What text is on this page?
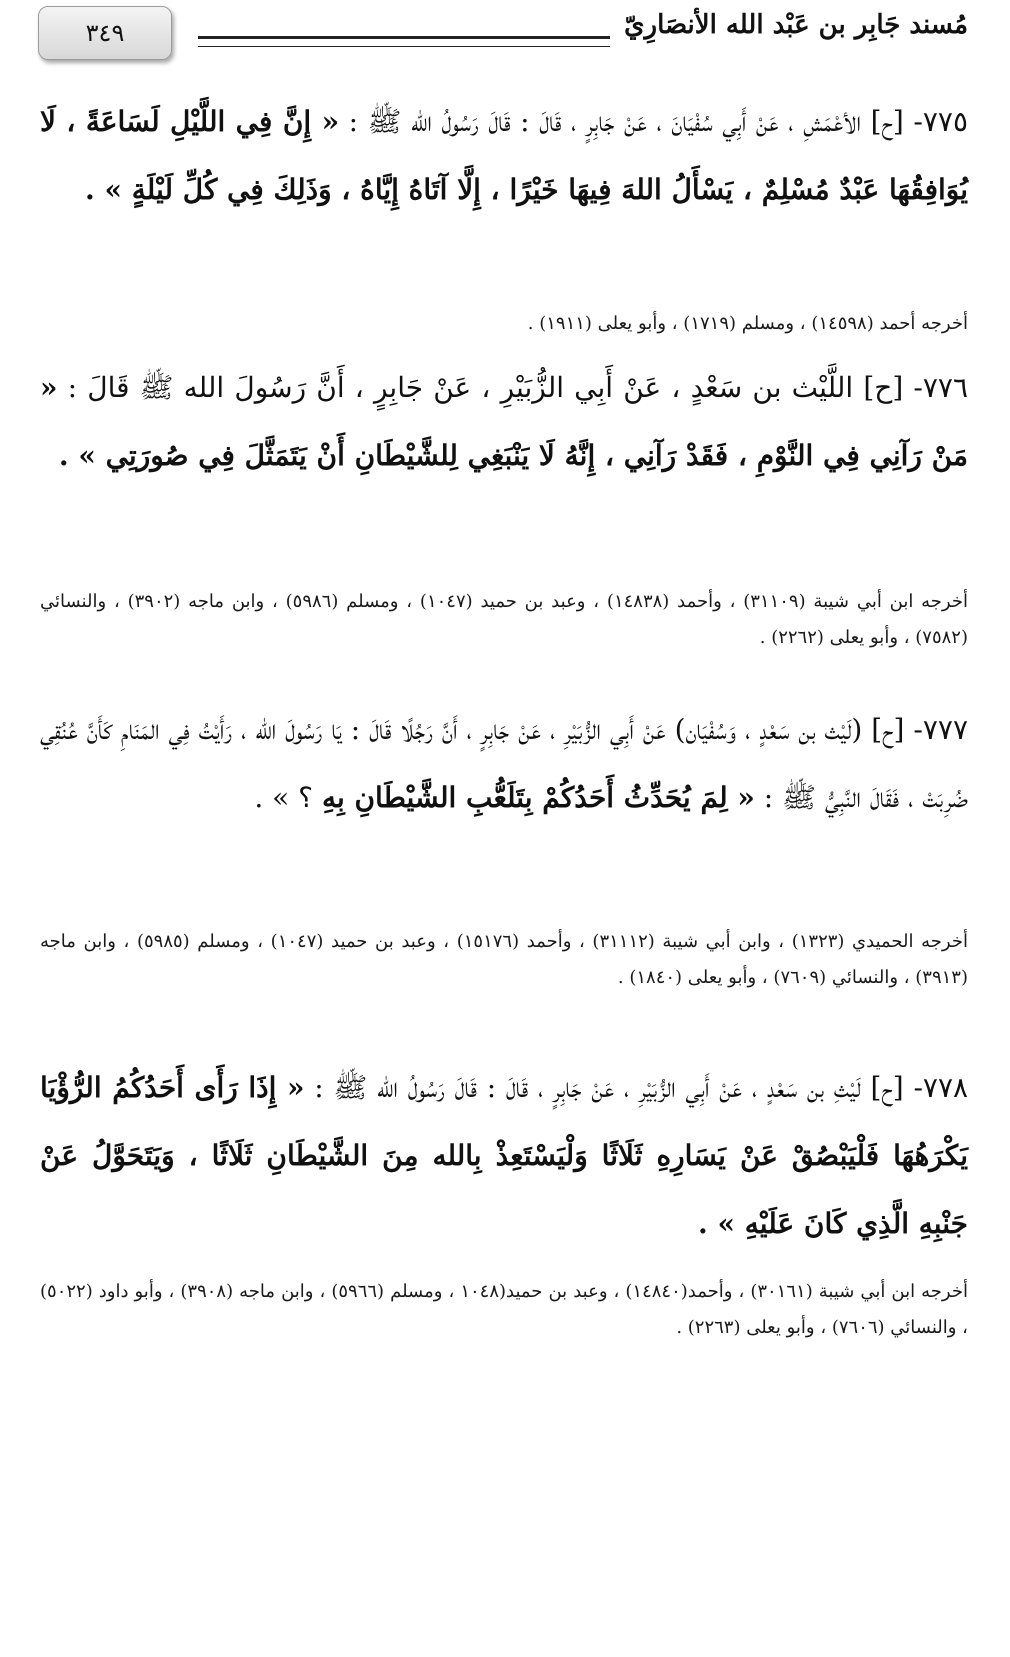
مُسند جَابِر بن عَبْد الله الأنصَارِيّ
٣٤٩

٧٧٥- [ح] الأعْمَشِ ، عَنْ أَبِي سُفْيَانَ ، عَنْ جَابِرٍ ، قَالَ : قَالَ رَسُولُ الله ﷺ : « إِنَّ فِي اللَّيْلِ لَسَاعَةً ، لَا يُوَافِقُهَا عَبْدٌ مُسْلِمٌ ، يَسْأَلُ اللهَ فِيهَا خَيْرًا ، إِلَّا آتَاهُ إِيَّاهُ ، وَذَلِكَ فِي كُلِّ لَيْلَةٍ » .

أخرجه أحمد (١٤٥٩٨) ، ومسلم (١٧١٩) ، وأبو يعلى (١٩١١) .

٧٧٦- [ح] اللَّيْث بن سَعْدٍ ، عَنْ أَبِي الزُّبَيْرِ ، عَنْ جَابِرٍ ، أَنَّ رَسُولَ الله ﷺ قَالَ : « مَنْ رَآنِي فِي النَّوْمِ ، فَقَدْ رَآنِي ، إِنَّهُ لَا يَنْبَغِي لِلشَّيْطَانِ أَنْ يَتَمَثَّلَ فِي صُورَتِي » .

أخرجه ابن أبي شيبة (٣١١٠٩) ، وأحمد (١٤٨٣٨) ، وعبد بن حميد (١٠٤٧) ، ومسلم (٥٩٨٦) ، وابن ماجه (٣٩٠٢) ، والنسائي (٧٥٨٢) ، وأبو يعلى (٢٢٦٢) .

٧٧٧- [ح] (لَيْث بن سَعْدٍ ، وَسُفْيَان) عَنْ أَبِي الزُّبَيْرِ ، عَنْ جَابِرٍ ، أَنَّ رَجُلًا قَالَ : يَا رَسُولَ الله ، رَأَيْتُ فِي المَنَامِ كَأَنَّ عُنُقِي ضُرِبَتْ ، فَقَالَ النَّبِيُّ ﷺ : « لِمَ يُحَدِّثُ أَحَدُكُمْ بِتَلَعُّبِ الشَّيْطَانِ بِهِ ؟ » .

أخرجه الحميدي (١٣٢٣) ، وابن أبي شيبة (٣١١١٢) ، وأحمد (١٥١٧٦) ، وعبد بن حميد (١٠٤٧) ، ومسلم (٥٩٨٥) ، وابن ماجه (٣٩١٣) ، والنسائي (٧٦٠٩) ، وأبو يعلى (١٨٤٠) .

٧٧٨- [ح] لَيْثِ بن سَعْدٍ ، عَنْ أَبِي الزُّبَيْرِ ، عَنْ جَابِرٍ ، قَالَ : قَالَ رَسُولُ الله ﷺ : « إِذَا رَأَى أَحَدُكُمُ الرُّؤْيَا يَكْرَهُهَا فَلْيَبْصُقْ عَنْ يَسَارِهِ ثَلَاثًا وَلْيَسْتَعِذْ بِالله مِنَ الشَّيْطَانِ ثَلَاثًا ، وَيَتَحَوَّلُ عَنْ جَنْبِهِ الَّذِي كَانَ عَلَيْهِ » .

أخرجه ابن أبي شيبة (٣٠١٦١) ، وأحمد(١٤٨٤٠) ، وعبد بن حميد(١٠٤٨ ، ومسلم (٥٩٦٦) ، وابن ماجه (٣٩٠٨) ، وأبو داود (٥٠٢٢) ، والنسائي (٧٦٠٦) ، وأبو يعلى (٢٢٦٣) .
